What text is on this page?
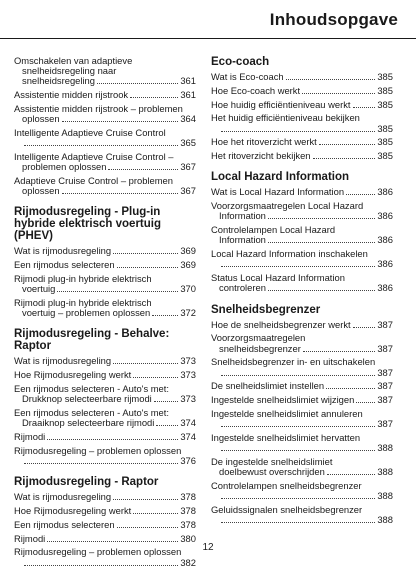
Inhoudsopgave
Omschakelen van adaptieve
snelheidsregeling naar
snelheidsregeling	361
Assistentie midden rijstrook	361
Assistentie midden rijstrook – problemen
oplossen	364
Intelligente Adaptieve Cruise Control
365
Intelligente Adaptieve Cruise Control –
problemen oplossen	367
Adaptieve Cruise Control – problemen
oplossen	367
Rijmodusregeling - Plug-in
hybride elektrisch voertuig
(PHEV)
Wat is rijmodusregeling	369
Een rijmodus selecteren	369
Rijmodi plug-in hybride elektrisch
voertuig	370
Rijmodi plug-in hybride elektrisch
voertuig – problemen oplossen	372
Rijmodusregeling - Behalve:
Raptor
Wat is rijmodusregeling	373
Hoe Rijmodusregeling werkt	373
Een rijmodus selecteren - Auto's met:
Drukknop selecteerbare rijmodi	373
Een rijmodus selecteren - Auto's met:
Draaiknop selecteerbare rijmodi	374
Rijmodi	374
Rijmodusregeling – problemen oplossen
376
Rijmodusregeling - Raptor
Wat is rijmodusregeling	378
Hoe Rijmodusregeling werkt	378
Een rijmodus selecteren	378
Rijmodi	380
Rijmodusregeling – problemen oplossen
382
Eco-coach
Wat is Eco-coach	385
Hoe Eco-coach werkt	385
Hoe huidig efficiëntieniveau werkt	385
Het huidig efficiëntieniveau bekijken
385
Hoe het ritoverzicht werkt	385
Het ritoverzicht bekijken	385
Local Hazard Information
Wat is Local Hazard Information	386
Voorzorgsmaatregelen Local Hazard
Information	386
Controlelampen Local Hazard
Information	386
Local Hazard Information inschakelen
386
Status Local Hazard Information
controleren	386
Snelheidsbegrenzer
Hoe de snelheidsbegrenzer werkt	387
Voorzorgsmaatregelen
snelheidsbegrenzer	387
Snelheidsbegrenzer in- en uitschakelen
387
De snelheidslimiet instellen	387
Ingestelde snelheidslimiet wijzigen 387
Ingestelde snelheidslimiet annuleren
387
Ingestelde snelheidslimiet hervatten
388
De ingestelde snelheidslimiet
doelbewust overschrijden	388
Controlelampen snelheidsbegrenzer
388
Geluidssignalen snelheidsbegrenzer
388
12
